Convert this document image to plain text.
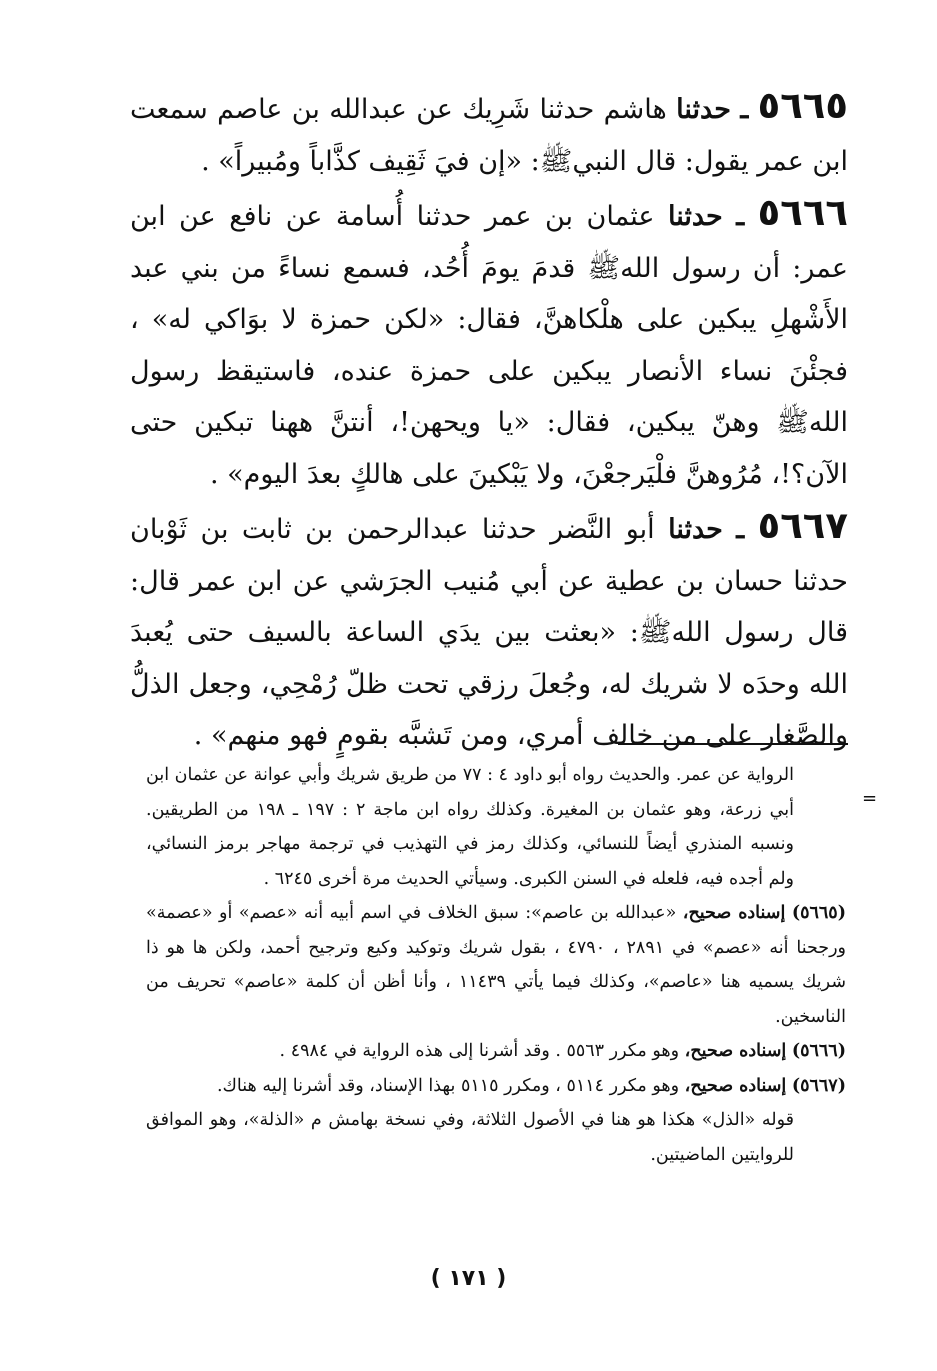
٥٦٦٥ ـ حدثنا هاشم حدثنا شَرِيك عن عبدالله بن عاصم سمعت ابن عمر يقول: قال النبيﷺ: «إن فيَ ثَقِيف كذَّاباً ومُبيراً» .

٥٦٦٦ ـ حدثنا عثمان بن عمر حدثنا أُسامة عن نافع عن ابن عمر: أن رسول اللهﷺ قدمَ يومَ أُحُد، فسمع نساءً من بني عبد الأَشْهلِ يبكين على هلْكاهنَّ، فقال: «لكن حمزة لا بوَاكي له» ، فجئْنَ نساء الأنصار يبكين على حمزة عنده، فاستيقظ رسول اللهﷺ وهنّ يبكين، فقال: «يا ويحهن!، أنتنَّ ههنا تبكين حتى الآن؟!، مُرُوهنَّ فلْيَرجعْنَ، ولا يَبْكينَ على هالكٍ بعدَ اليوم» .

٥٦٦٧ ـ حدثنا أبو النَّضر حدثنا عبدالرحمن بن ثابت بن ثَوْبان حدثنا حسان بن عطية عن أبي مُنيب الجرَشي عن ابن عمر قال: قال رسول اللهﷺ: «بعثت بين يدَي الساعة بالسيف حتى يُعبدَ الله وحدَه لا شريك له، وجُعلَ رزقي تحت ظلّ رُمْحِي، وجعل الذلُّ والصَّغار على من خالف أمري، ومن تَشبَّه بقومٍ فهو منهم» .

=

الرواية عن عمر. والحديث رواه أبو داود ٤ : ٧٧ من طريق شريك وأبي عوانة عن عثمان ابن أبي زرعة، وهو عثمان بن المغيرة. وكذلك رواه ابن ماجة ٢ : ١٩٧ ـ ١٩٨ من الطريقين. ونسبه المنذري أيضاً للنسائي، وكذلك رمز في التهذيب في ترجمة مهاجر برمز النسائي، ولم أجده فيه، فلعله في السنن الكبرى. وسيأتي الحديث مرة أخرى ٦٢٤٥ .

(٥٦٦٥) إسناده صحيح، «عبدالله بن عاصم»: سبق الخلاف في اسم أبيه أنه «عصم» أو «عصمة» ورجحنا أنه «عصم» في ٢٨٩١ ، ٤٧٩٠ ، بقول شريك وتوكيد وكيع وترجيح أحمد، ولكن ها هو ذا شريك يسميه هنا «عاصم»، وكذلك فيما يأتي ١١٤٣٩ ، وأنا أظن أن كلمة «عاصم» تحريف من الناسخين.

(٥٦٦٦) إسناده صحيح، وهو مكرر ٥٥٦٣ . وقد أشرنا إلى هذه الرواية في ٤٩٨٤ .

(٥٦٦٧) إسناده صحيح، وهو مكرر ٥١١٤ ، ومكرر ٥١١٥ بهذا الإسناد، وقد أشرنا إليه هناك.

قوله «الذل» هكذا هو هنا في الأصول الثلاثة، وفي نسخة بهامش م «الذلة»، وهو الموافق للروايتين الماضيتين.

( ١٧١ )
